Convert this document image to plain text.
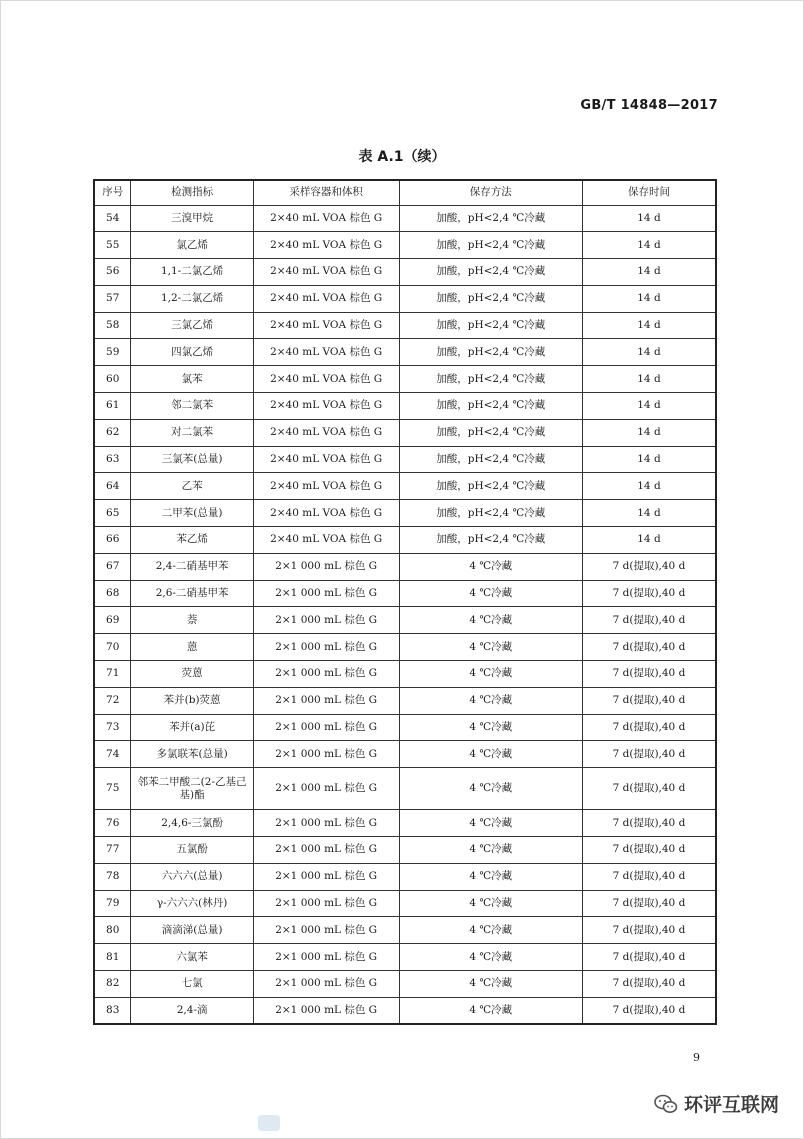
GB/T 14848—2017
表 A.1（续）
序号	检测指标	采样容器和体积	保存方法	保存时间
54	三溴甲烷	2×40 mL VOA 棕色 G	加酸，pH<2,4 ℃冷藏	14 d
55	氯乙烯	2×40 mL VOA 棕色 G	加酸，pH<2,4 ℃冷藏	14 d
56	1,1-二氯乙烯	2×40 mL VOA 棕色 G	加酸，pH<2,4 ℃冷藏	14 d
57	1,2-二氯乙烯	2×40 mL VOA 棕色 G	加酸，pH<2,4 ℃冷藏	14 d
58	三氯乙烯	2×40 mL VOA 棕色 G	加酸，pH<2,4 ℃冷藏	14 d
59	四氯乙烯	2×40 mL VOA 棕色 G	加酸，pH<2,4 ℃冷藏	14 d
60	氯苯	2×40 mL VOA 棕色 G	加酸，pH<2,4 ℃冷藏	14 d
61	邻二氯苯	2×40 mL VOA 棕色 G	加酸，pH<2,4 ℃冷藏	14 d
62	对二氯苯	2×40 mL VOA 棕色 G	加酸，pH<2,4 ℃冷藏	14 d
63	三氯苯(总量)	2×40 mL VOA 棕色 G	加酸，pH<2,4 ℃冷藏	14 d
64	乙苯	2×40 mL VOA 棕色 G	加酸，pH<2,4 ℃冷藏	14 d
65	二甲苯(总量)	2×40 mL VOA 棕色 G	加酸，pH<2,4 ℃冷藏	14 d
66	苯乙烯	2×40 mL VOA 棕色 G	加酸，pH<2,4 ℃冷藏	14 d
67	2,4-二硝基甲苯	2×1 000 mL 棕色 G	4 ℃冷藏	7 d(提取),40 d
68	2,6-二硝基甲苯	2×1 000 mL 棕色 G	4 ℃冷藏	7 d(提取),40 d
69	萘	2×1 000 mL 棕色 G	4 ℃冷藏	7 d(提取),40 d
70	蒽	2×1 000 mL 棕色 G	4 ℃冷藏	7 d(提取),40 d
71	荧蒽	2×1 000 mL 棕色 G	4 ℃冷藏	7 d(提取),40 d
72	苯并(b)荧蒽	2×1 000 mL 棕色 G	4 ℃冷藏	7 d(提取),40 d
73	苯并(a)芘	2×1 000 mL 棕色 G	4 ℃冷藏	7 d(提取),40 d
74	多氯联苯(总量)	2×1 000 mL 棕色 G	4 ℃冷藏	7 d(提取),40 d
75	邻苯二甲酸二(2-乙基己基)酯	2×1 000 mL 棕色 G	4 ℃冷藏	7 d(提取),40 d
76	2,4,6-三氯酚	2×1 000 mL 棕色 G	4 ℃冷藏	7 d(提取),40 d
77	五氯酚	2×1 000 mL 棕色 G	4 ℃冷藏	7 d(提取),40 d
78	六六六(总量)	2×1 000 mL 棕色 G	4 ℃冷藏	7 d(提取),40 d
79	γ-六六六(林丹)	2×1 000 mL 棕色 G	4 ℃冷藏	7 d(提取),40 d
80	滴滴涕(总量)	2×1 000 mL 棕色 G	4 ℃冷藏	7 d(提取),40 d
81	六氯苯	2×1 000 mL 棕色 G	4 ℃冷藏	7 d(提取),40 d
82	七氯	2×1 000 mL 棕色 G	4 ℃冷藏	7 d(提取),40 d
83	2,4-滴	2×1 000 mL 棕色 G	4 ℃冷藏	7 d(提取),40 d
9
环评互联网
